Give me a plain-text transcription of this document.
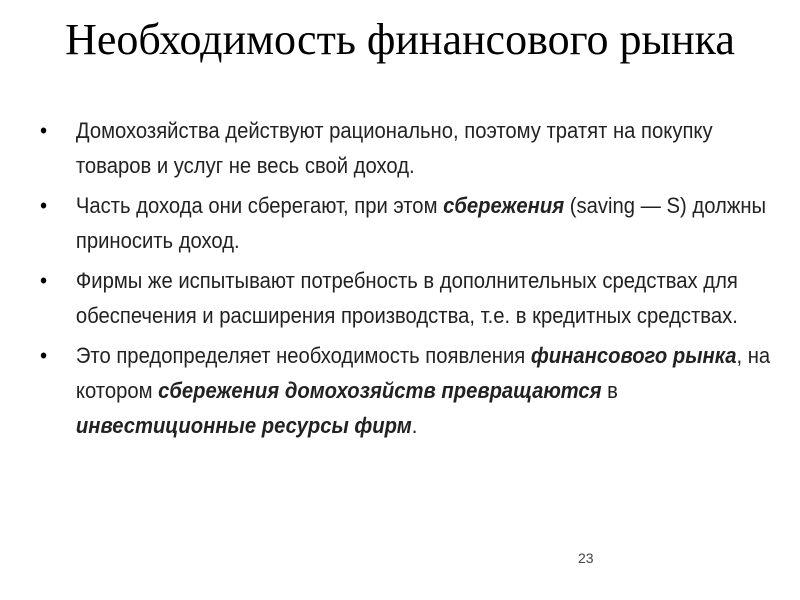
Необходимость финансового рынка
• Домохозяйства действуют рационально, поэтому тратят на покупку товаров и услуг не весь свой доход.
• Часть дохода они сберегают, при этом сбережения (saving — S) должны приносить доход.
• Фирмы же испытывают потребность в дополнительных средствах для обеспечения и расширения производства, т.е. в кредитных средствах.
• Это предопределяет необходимость появления финансового рынка, на котором сбережения домохозяйств превращаются в инвестиционные ресурсы фирм.
23
